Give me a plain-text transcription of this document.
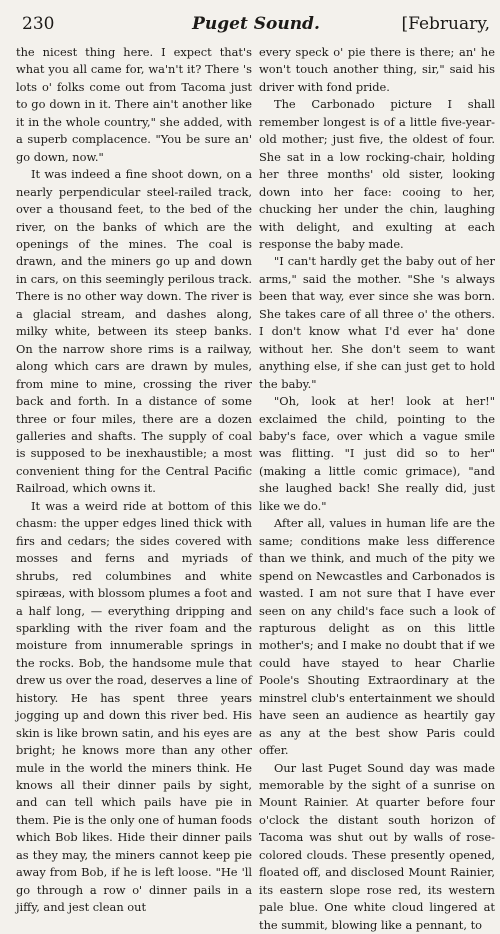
230	Puget Sound.	[February,

the nicest thing here. I expect that's what you all came for, wa'n't it? There 's lots o' folks come out from Tacoma just to go down in it. There ain't another like it in the whole country," she added, with a superb complacence. "You be sure an' go down, now."

It was indeed a fine shoot down, on a nearly perpendicular steel-railed track, over a thousand feet, to the bed of the river, on the banks of which are the openings of the mines. The coal is drawn, and the miners go up and down in cars, on this seemingly perilous track. There is no other way down. The river is a glacial stream, and dashes along, milky white, between its steep banks. On the narrow shore rims is a railway, along which cars are drawn by mules, from mine to mine, crossing the river back and forth. In a distance of some three or four miles, there are a dozen galleries and shafts. The supply of coal is supposed to be inexhaustible; a most convenient thing for the Central Pacific Railroad, which owns it.

It was a weird ride at bottom of this chasm: the upper edges lined thick with firs and cedars; the sides covered with mosses and ferns and myriads of shrubs, red columbines and white spiræas, with blossom plumes a foot and a half long, — everything dripping and sparkling with the river foam and the moisture from innumerable springs in the rocks. Bob, the handsome mule that drew us over the road, deserves a line of history. He has spent three years jogging up and down this river bed. His skin is like brown satin, and his eyes are bright; he knows more than any other mule in the world the miners think. He knows all their dinner pails by sight, and can tell which pails have pie in them. Pie is the only one of human foods which Bob likes. Hide their dinner pails as they may, the miners cannot keep pie away from Bob, if he is left loose. "He 'll go through a row o' dinner pails in a jiffy, and jest clean out

every speck o' pie there is there; an' he won't touch another thing, sir," said his driver with fond pride.

The Carbonado picture I shall remember longest is of a little five-year-old mother; just five, the oldest of four. She sat in a low rocking-chair, holding her three months' old sister, looking down into her face: cooing to her, chucking her under the chin, laughing with delight, and exulting at each response the baby made.

"I can't hardly get the baby out of her arms," said the mother. "She 's always been that way, ever since she was born. She takes care of all three o' the others. I don't know what I'd ever ha' done without her. She don't seem to want anything else, if she can just get to hold the baby."

"Oh, look at her! look at her!" exclaimed the child, pointing to the baby's face, over which a vague smile was flitting. "I just did so to her" (making a little comic grimace), "and she laughed back! She really did, just like we do."

After all, values in human life are the same; conditions make less difference than we think, and much of the pity we spend on Newcastles and Carbonados is wasted. I am not sure that I have ever seen on any child's face such a look of rapturous delight as on this little mother's; and I make no doubt that if we could have stayed to hear Charlie Poole's Shouting Extraordinary at the minstrel club's entertainment we should have seen an audience as heartily gay as any at the best show Paris could offer.

Our last Puget Sound day was made memorable by the sight of a sunrise on Mount Rainier. At quarter before four o'clock the distant south horizon of Tacoma was shut out by walls of rose-colored clouds. These presently opened, floated off, and disclosed Mount Rainier, its eastern slope rose red, its western pale blue. One white cloud lingered at the summit, blowing like a pennant, to
